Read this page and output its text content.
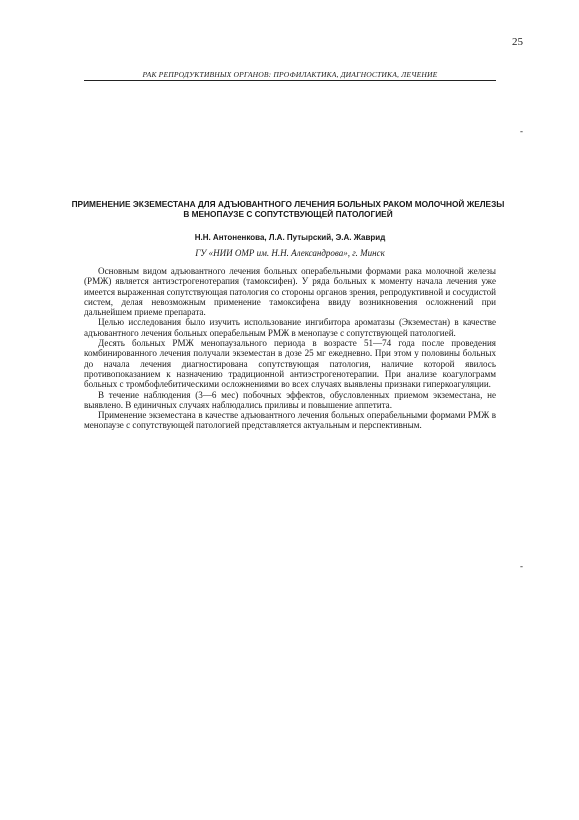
25
РАК РЕПРОДУКТИВНЫХ ОРГАНОВ: ПРОФИЛАКТИКА, ДИАГНОСТИКА, ЛЕЧЕНИЕ
-
-
ПРИМЕНЕНИЕ ЭКЗЕМЕСТАНА ДЛЯ АДЪЮВАНТНОГО ЛЕЧЕНИЯ БОЛЬНЫХ РАКОМ МОЛОЧНОЙ ЖЕЛЕЗЫ
В МЕНОПАУЗЕ С СОПУТСТВУЮЩЕЙ ПАТОЛОГИЕЙ
Н.Н. Антоненкова, Л.А. Путырский, Э.А. Жаврид
ГУ «НИИ ОМР им. Н.Н. Александрова», г. Минск

Основным видом адъювантного лечения больных операбельными формами рака молочной железы (РМЖ) является антиэстрогенотерапия (тамоксифен). У ряда больных к моменту начала лечения уже имеется выраженная сопутствующая патология со стороны органов зрения, репродуктивной и сосудистой систем, делая невозможным применение тамоксифена ввиду возникновения осложнений при дальнейшем приеме препарата.

Целью исследования было изучить использование ингибитора ароматазы (Экземестан) в качестве адъювантного лечения больных операбельным РМЖ в менопаузе с сопутствующей патологией.

Десять больных РМЖ менопаузального периода в возрасте 51—74 года после проведения комбинированного лечения получали экземестан в дозе 25 мг ежедневно. При этом у половины больных до начала лечения диагностирована сопутствующая патология, наличие которой явилось противопоказанием к назначению традиционной антиэстрогенотерапии. При анализе коагулограмм больных с тромбофлебитическими осложнениями во всех случаях выявлены признаки гиперкоагуляции.

В течение наблюдения (3—6 мес) побочных эффектов, обусловленных приемом экземестана, не выявлено. В единичных случаях наблюдались приливы и повышение аппетита.

Применение экземестана в качестве адъювантного лечения больных операбельными формами РМЖ в менопаузе с сопутствующей патологией представляется актуальным и перспективным.
